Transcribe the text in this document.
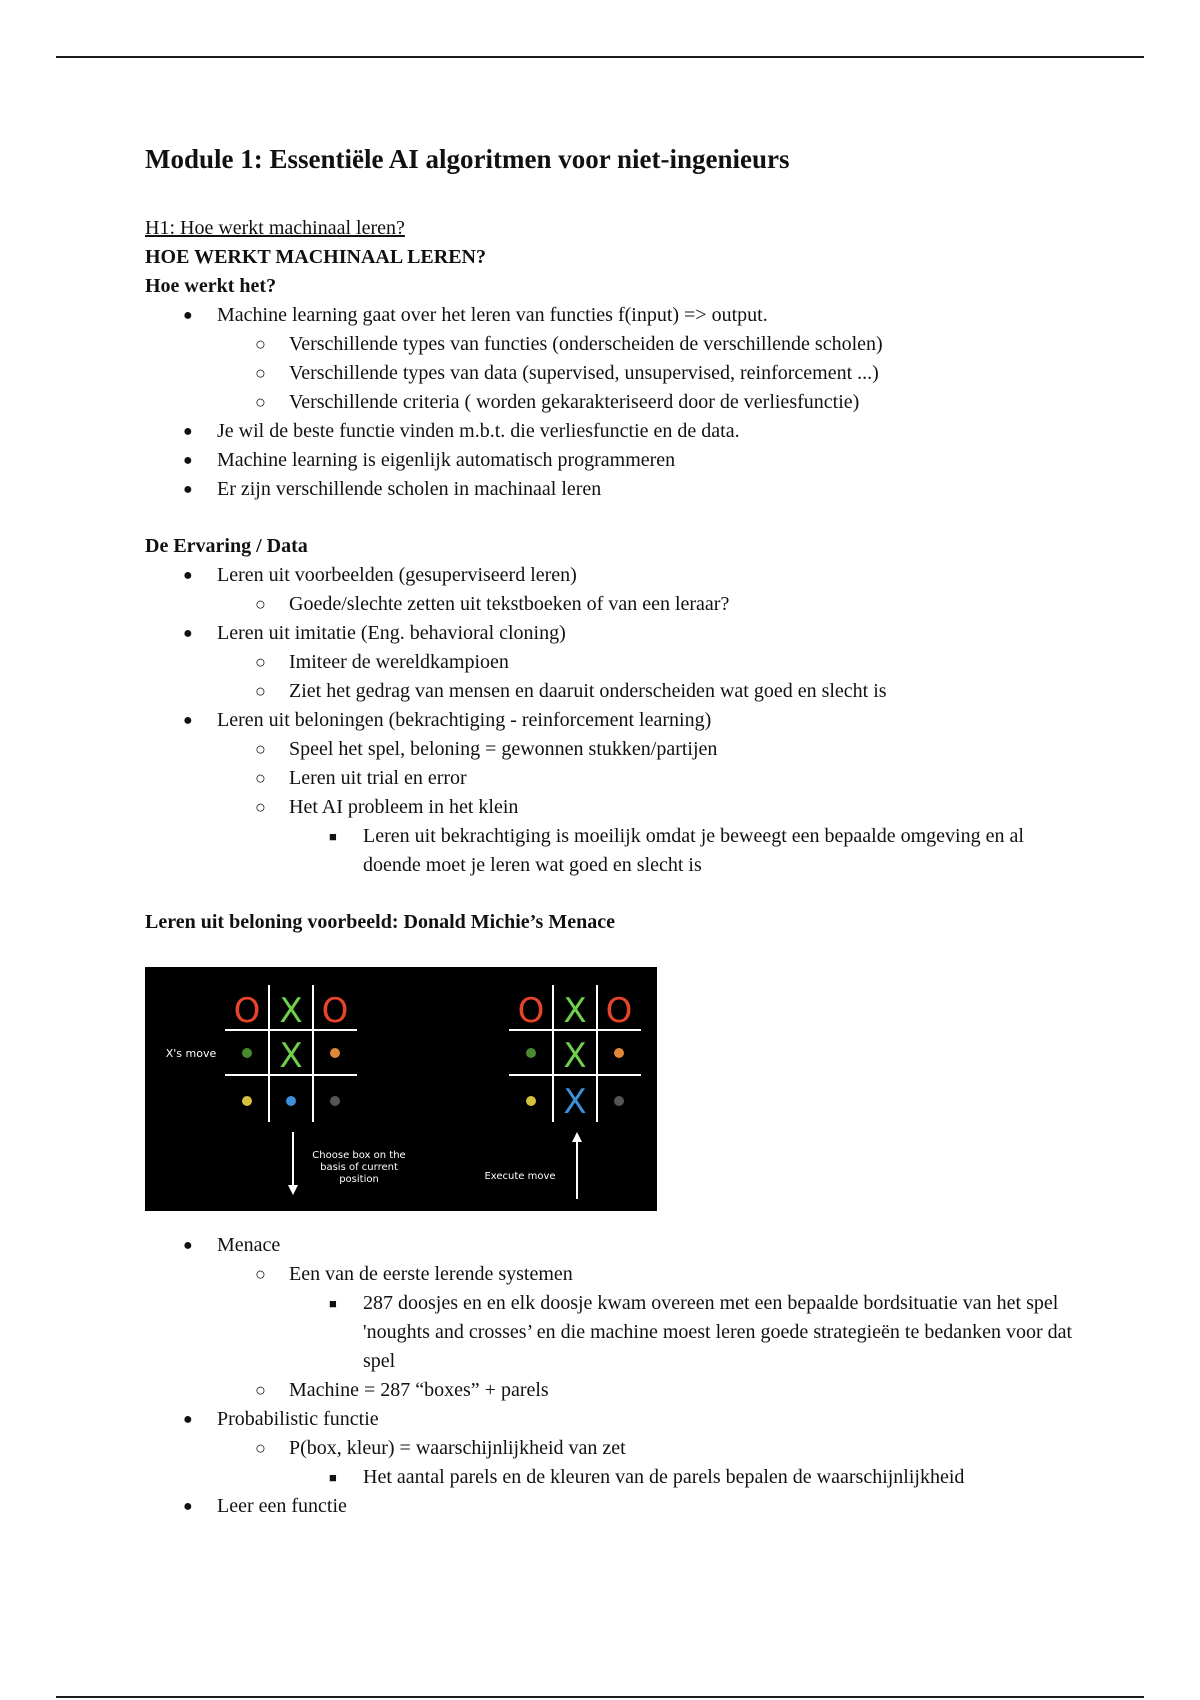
Module 1: Essentiële AI algoritmen voor niet-ingenieurs
H1: Hoe werkt machinaal leren?
HOE WERKT MACHINAAL LEREN?
Hoe werkt het?
● Machine learning gaat over het leren van functies f(input) => output.
○ Verschillende types van functies (onderscheiden de verschillende scholen)
○ Verschillende types van data (supervised, unsupervised, reinforcement ...)
○ Verschillende criteria ( worden gekarakteriseerd door de verliesfunctie)
● Je wil de beste functie vinden m.b.t. die verliesfunctie en de data.
● Machine learning is eigenlijk automatisch programmeren
● Er zijn verschillende scholen in machinaal leren
De Ervaring / Data
● Leren uit voorbeelden (gesuperviseerd leren)
○ Goede/slechte zetten uit tekstboeken of van een leraar?
● Leren uit imitatie (Eng. behavioral cloning)
○ Imiteer de wereldkampioen
○ Ziet het gedrag van mensen en daaruit onderscheiden wat goed en slecht is
● Leren uit beloningen (bekrachtiging - reinforcement learning)
○ Speel het spel, beloning = gewonnen stukken/partijen
○ Leren uit trial en error
○ Het AI probleem in het klein
■ Leren uit bekrachtiging is moeilijk omdat je beweegt een bepaalde omgeving en al doende moet je leren wat goed en slecht is
Leren uit beloning voorbeeld: Donald Michie’s Menace
O X O
X
X's move
Choose box on the
basis of current
position
O X O
X
X
Execute move
● Menace
○ Een van de eerste lerende systemen
■ 287 doosjes en en elk doosje kwam overeen met een bepaalde bordsituatie van het spel 'noughts and crosses’ en die machine moest leren goede strategieën te bedanken voor dat spel
○ Machine = 287 “boxes” + parels
● Probabilistic functie
○ P(box, kleur) = waarschijnlijkheid van zet
■ Het aantal parels en de kleuren van de parels bepalen de waarschijnlijkheid
● Leer een functie
